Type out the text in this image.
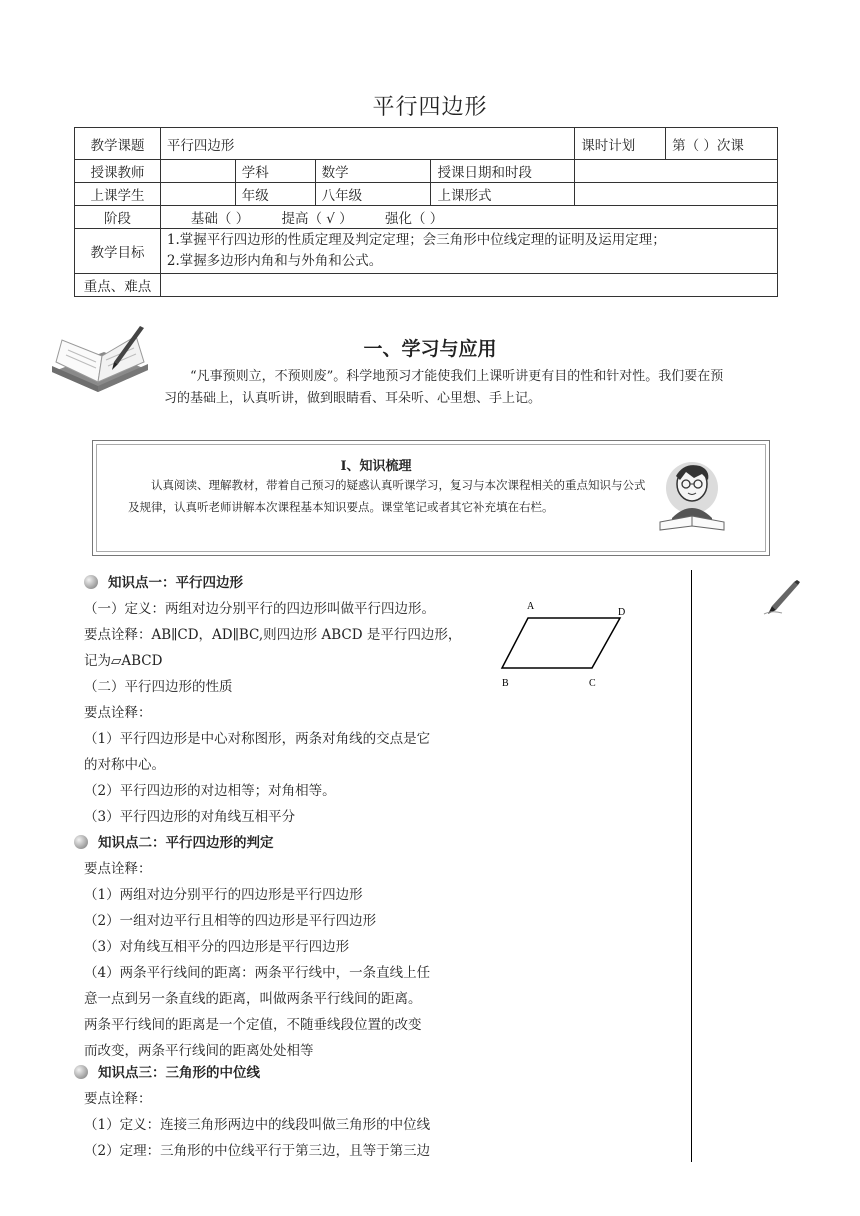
平行四边形
教学课题	平行四边形				课时计划	第（ ）次课
授课教师		学科	数学	授课日期和时段		
上课学生		年级	八年级	上课形式		
阶段	基础（ ） 提高（ √ ） 强化（ ）					
教学目标	1.掌握平行四边形的性质定理及判定定理；会三角形中位线定理的证明及运用定理；
2.掌握多边形内角和与外角和公式。					

重点、难点						
一、学习与应用
“凡事预则立，不预则废”。科学地预习才能使我们上课听讲更有目的性和针对性。我们要在预习的基础上，认真听讲，做到眼睛看、耳朵听、心里想、手上记。
Ⅰ、知识梳理
认真阅读、理解教材，带着自己预习的疑惑认真听课学习，复习与本次课程相关的重点知识与公式及规律，认真听老师讲解本次课程基本知识要点。课堂笔记或者其它补充填在右栏。
A
D
B	C
知识点一：平行四边形
（一）定义：两组对边分别平行的四边形叫做平行四边形。
要点诠释：AB∥CD，AD∥BC,则四边形 ABCD 是平行四边形，
记为▱ABCD
（二）平行四边形的性质
要点诠释：
（1）平行四边形是中心对称图形，两条对角线的交点是它
的对称中心。
（2）平行四边形的对边相等；对角相等。
（3）平行四边形的对角线互相平分
知识点二：平行四边形的判定
要点诠释：
（1）两组对边分别平行的四边形是平行四边形
（2）一组对边平行且相等的四边形是平行四边形
（3）对角线互相平分的四边形是平行四边形
（4）两条平行线间的距离：两条平行线中，一条直线上任
意一点到另一条直线的距离，叫做两条平行线间的距离。
两条平行线间的距离是一个定值，不随垂线段位置的改变
而改变，两条平行线间的距离处处相等
知识点三：三角形的中位线
要点诠释：
（1）定义：连接三角形两边中的线段叫做三角形的中位线
（2）定理：三角形的中位线平行于第三边，且等于第三边
